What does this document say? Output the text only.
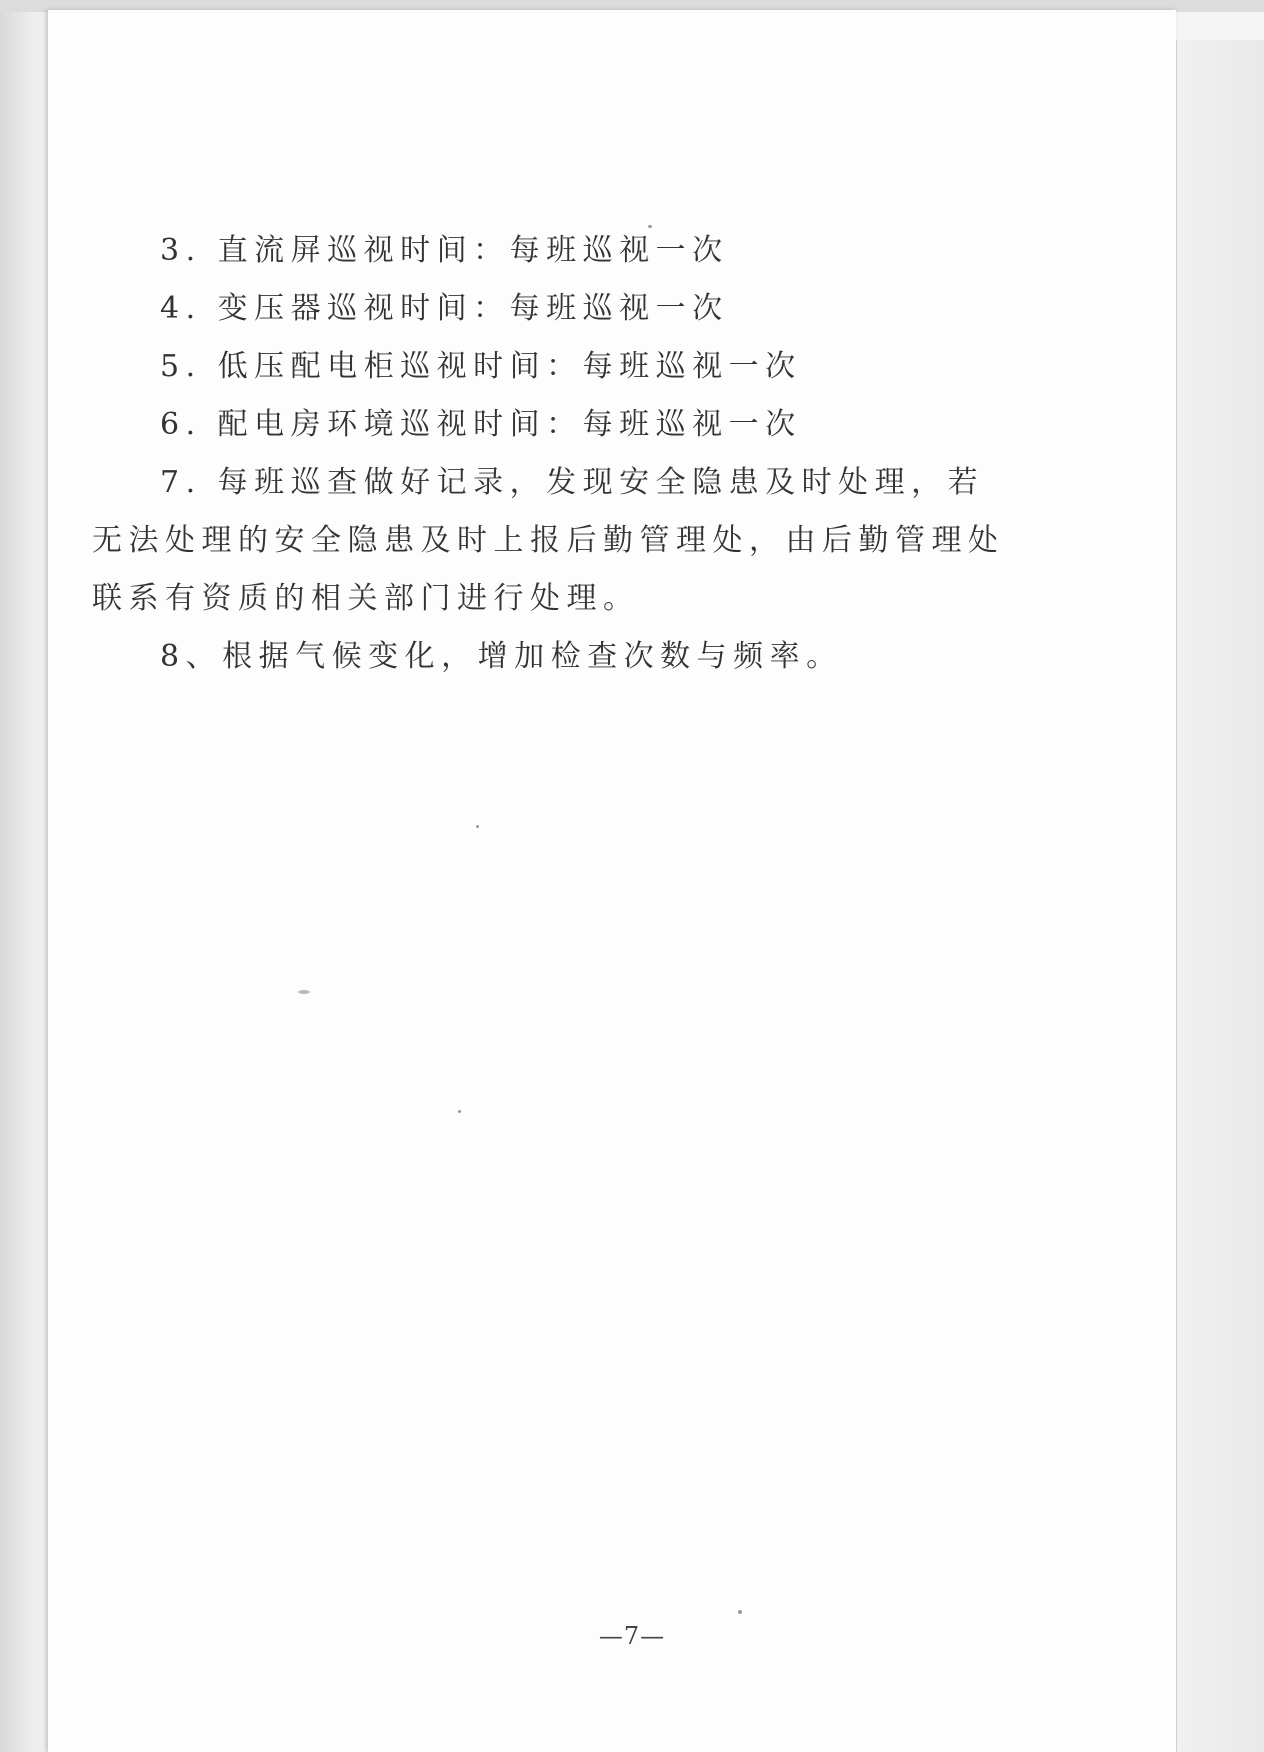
3. 直流屏巡视时间：每班巡视一次

4. 变压器巡视时间：每班巡视一次

5. 低压配电柜巡视时间：每班巡视一次

6. 配电房环境巡视时间：每班巡视一次

7. 每班巡查做好记录，发现安全隐患及时处理，若无法处理的安全隐患及时上报后勤管理处，由后勤管理处联系有资质的相关部门进行处理。

8、根据气候变化，增加检查次数与频率。

—7—
